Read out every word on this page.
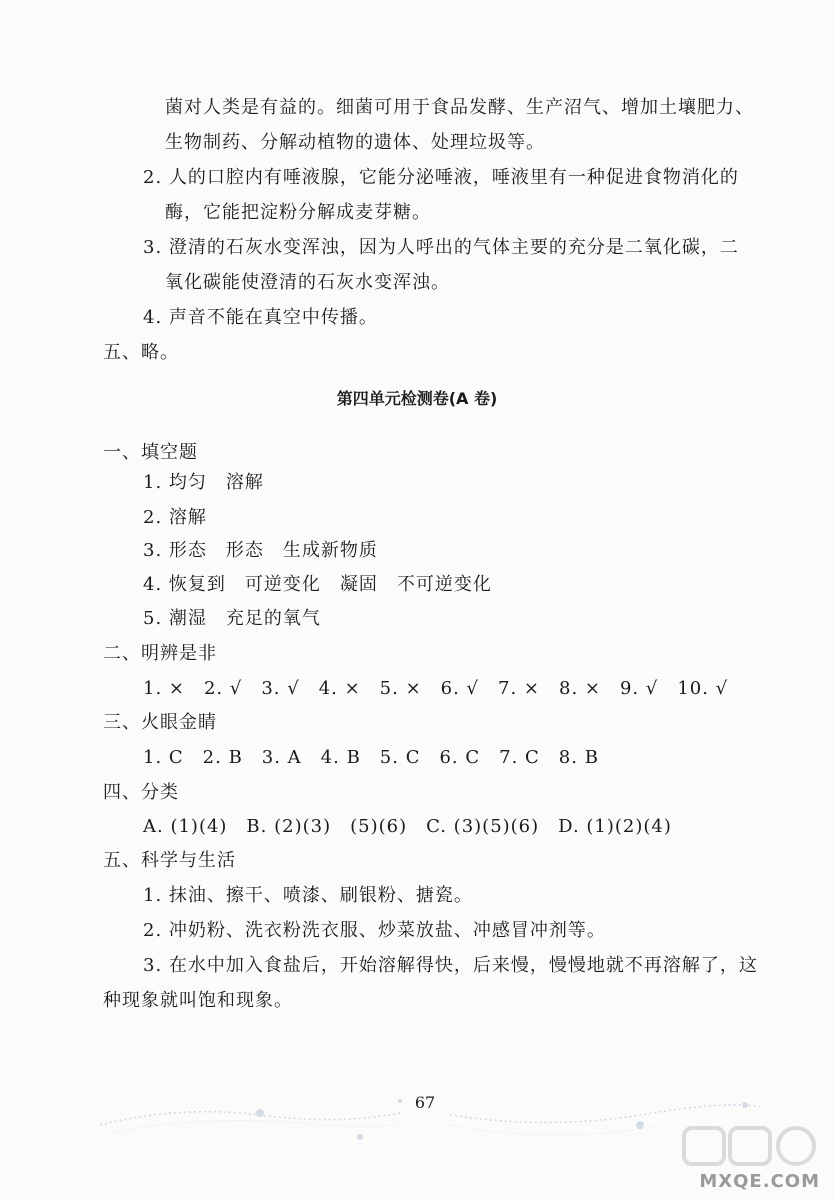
菌对人类是有益的。细菌可用于食品发酵、生产沼气、增加土壤肥力、
生物制药、分解动植物的遗体、处理垃圾等。
2. 人的口腔内有唾液腺，它能分泌唾液，唾液里有一种促进食物消化的
酶，它能把淀粉分解成麦芽糖。
3. 澄清的石灰水变浑浊，因为人呼出的气体主要的充分是二氧化碳，二
氧化碳能使澄清的石灰水变浑浊。
4. 声音不能在真空中传播。
五、略。
第四单元检测卷(A 卷)
一、填空题
1. 均匀　溶解
2. 溶解
3. 形态　形态　生成新物质
4. 恢复到　可逆变化　凝固　不可逆变化
5. 潮湿　充足的氧气
二、明辨是非
1. ×　2. √　3. √　4. ×　5. ×　6. √　7. ×　8. ×　9. √　10. √
三、火眼金睛
1. C　2. B　3. A　4. B　5. C　6. C　7. C　8. B
四、分类
A. (1)(4)　B. (2)(3)　(5)(6)　C. (3)(5)(6)　D. (1)(2)(4)
五、科学与生活
1. 抹油、擦干、喷漆、刷银粉、搪瓷。
2. 冲奶粉、洗衣粉洗衣服、炒菜放盐、冲感冒冲剂等。
3. 在水中加入食盐后，开始溶解得快，后来慢，慢慢地就不再溶解了，这
种现象就叫饱和现象。
67
MXQE.COM
